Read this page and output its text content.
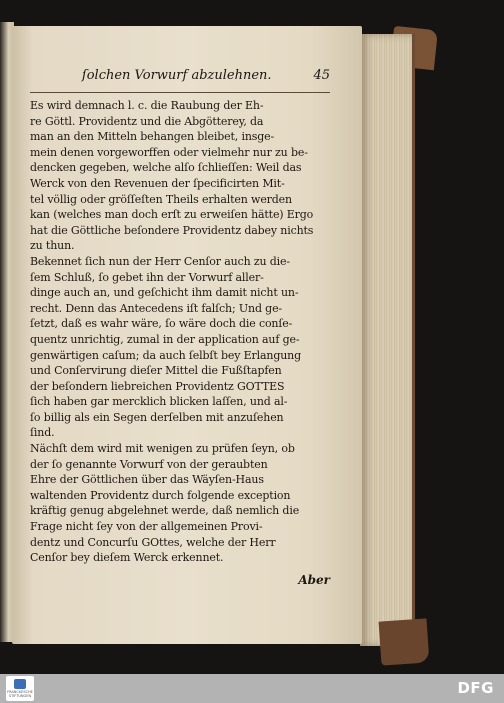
ſolchen Vorwurf abzulehnen.	45
Es wird demnach l. c. die Raubung der Eh-
re Göttl. Providentz und die Abgötterey, da
man an den Mitteln behangen bleibet, insge-
mein denen vorgeworffen oder vielmehr nur zu be-
dencken gegeben, welche alſo ſchlieſſen: Weil das
Werck von den Revenuen der ſpecificirten Mit-
tel völlig oder gröſſeſten Theils erhalten werden
kan (welches man doch erſt zu erweiſen hätte) Ergo
hat die Göttliche beſondere Providentz dabey nichts
zu thun.
Bekennet ſich nun der Herr Cenſor auch zu die-
ſem Schluß, ſo gebet ihn der Vorwurf aller-
dinge auch an, und geſchicht ihm damit nicht un-
recht. Denn das Antecedens iſt falſch; Und ge-
ſetzt, daß es wahr wäre, ſo wäre doch die conſe-
quentz unrichtig, zumal in der application auf ge-
genwärtigen caſum; da auch ſelbſt bey Erlangung
und Conſervirung dieſer Mittel die Fußſtapfen
der beſondern liebreichen Providentz GOTTES
ſich haben gar mercklich blicken laſſen, und al-
ſo billig als ein Segen derſelben mit anzuſehen
ſind.
Nächſt dem wird mit wenigen zu prüfen ſeyn, ob
der ſo genannte Vorwurf von der geraubten
Ehre der Göttlichen über das Wäyſen-Haus
waltenden Providentz durch folgende exception
kräftig genug abgelehnet werde, daß nemlich die
Frage nicht ſey von der allgemeinen Provi-
dentz und Concurſu GOttes, welche der Herr
Cenſor bey dieſem Werck erkennet.
Aber
FRANCKESCHE STIFTUNGEN	DFG
